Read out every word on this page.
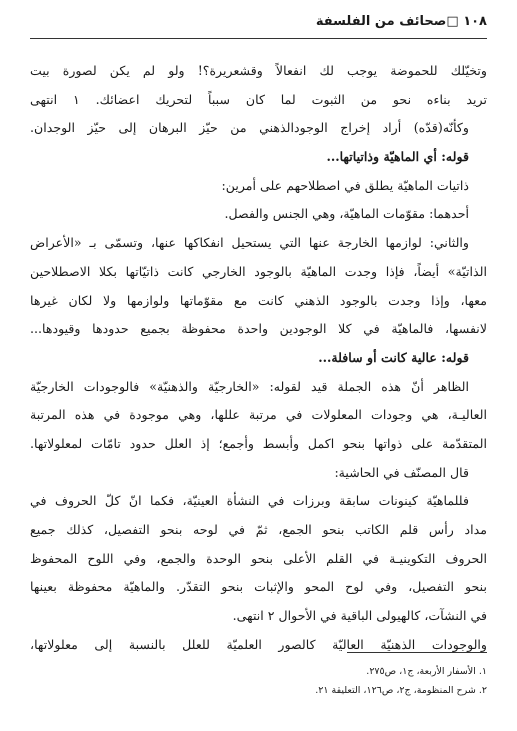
١٠٨ □صحائف من الفلسفة
وتخيّلك للحموضة يوجب لك انفعالاً وقشعريرة؟! ولو لم يكن لصورة بيت
تريد بناءه نحو من الثبوت لما كان سبباً لتحريك اعضائك. ١ انتهى
وكأنّه(قدّه) أراد إخراج الوجودالذهني من حيّز البرهان إلى حيّز الوجدان.
قوله: أي الماهيّة وذاتياتها...
ذاتيات الماهيّة يطلق في اصطلاحهم على أمرين:
أحدهما: مقوّمات الماهيّة، وهي الجنس والفصل.
والثاني: لوازمها الخارجة عنها التي يستحيل انفكاكها عنها، وتسمّى بـ «الأعراض
الذاتيّة» أيضاً، فإذا وجدت الماهيّة بالوجود الخارجي كانت ذاتيّاتها بكلا الاصطلاحين
معها، وإذا وجدت بالوجود الذهني كانت مع مقوّماتها ولوازمها ولا لكان غيرها
لانفسها، فالماهيّة في كلا الوجودين واحدة محفوظة بجميع حدودها وقيودها...
قوله: عالية كانت أو سافلة...
الظاهر أنّ هذه الجملة قيد لقوله: «الخارجيّة والذهنيّة» فالوجودات الخارجيّة
العاليـة، هي وجودات المعلولات في مرتبة عللها، وهي موجودة في هذه المرتبة
المتقدّمة على ذواتها بنحو اكمل وأبسط وأجمع؛ إذ العلل حدود تامّات لمعلولاتها.
قال المصنّف في الحاشية:
فللماهيّة كينونات سابقة وبرزات في النشأة العينيّة، فكما انّ كلّ الحروف في
مداد رأس قلم الكاتب بنحو الجمع، ثمّ في لوحه بنحو التفصيل، كذلك جميع
الحروف التكوينيـة في القلم الأعلى بنحو الوحدة والجمع، وفي اللوح المحفوظ
بنحو التفصيل، وفي لوح المحو والإثبات بنحو التقدّر. والماهيّة محفوظة بعينها
في النشآت، كالهيولى الباقية في الأحوال ٢ انتهى.
والوجودات الذهنيّة العاليّة كالصور العلميّة للعلل بالنسبة إلى معلولاتها،
١. الأسفار الأربعة، ج١، ص٢٧٥.
٢. شرح المنظومة، ج٢، ص١٢٦، التعليقة ٢١.
